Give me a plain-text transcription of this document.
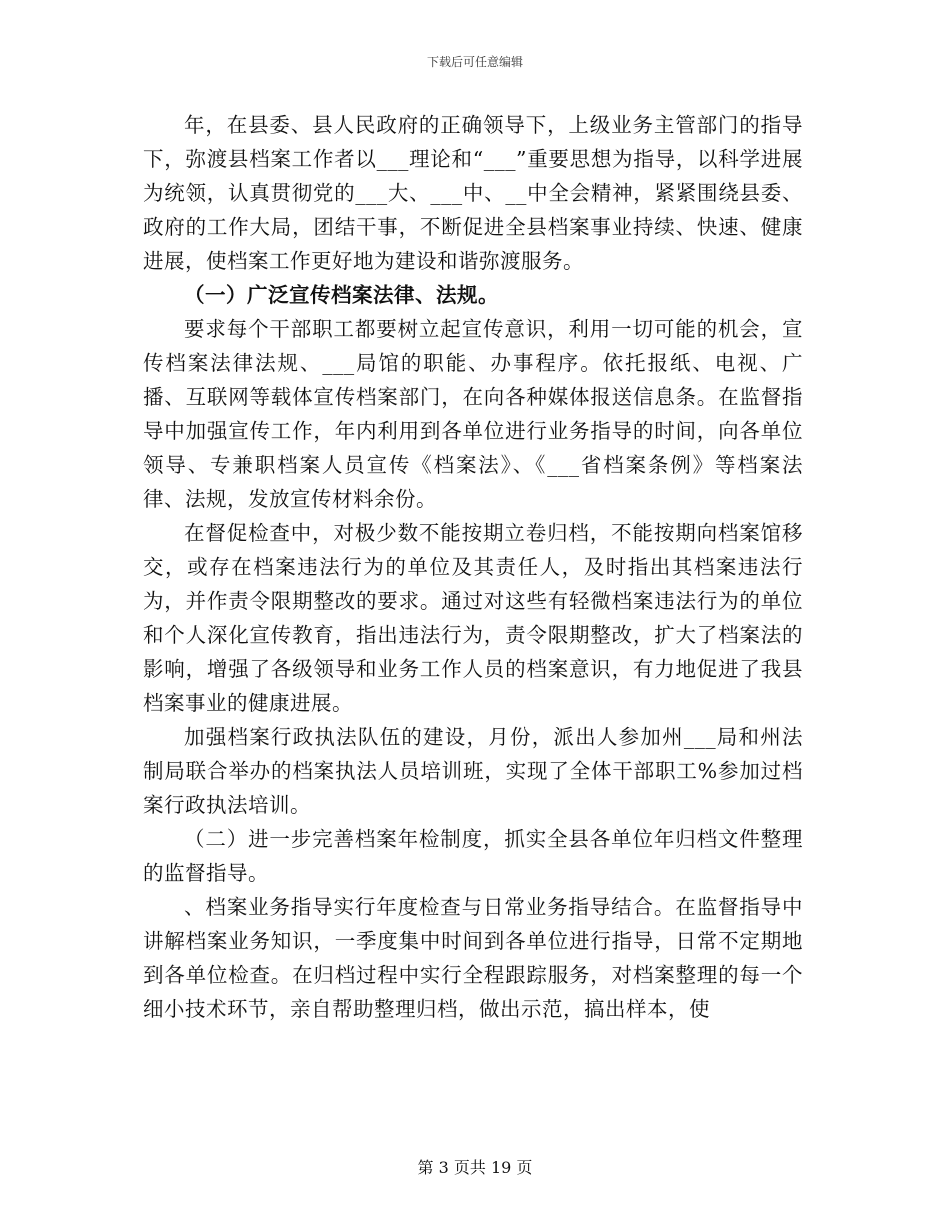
下载后可任意编辑

年，在县委、县人民政府的正确领导下，上级业务主管部门的指导下，弥渡县档案工作者以___理论和“___”重要思想为指导，以科学进展为统领，认真贯彻党的___大、___中、__中全会精神，紧紧围绕县委、政府的工作大局，团结干事，不断促进全县档案事业持续、快速、健康进展，使档案工作更好地为建设和谐弥渡服务。

（一）广泛宣传档案法律、法规。

要求每个干部职工都要树立起宣传意识，利用一切可能的机会，宣传档案法律法规、___局馆的职能、办事程序。依托报纸、电视、广播、互联网等载体宣传档案部门，在向各种媒体报送信息条。在监督指导中加强宣传工作，年内利用到各单位进行业务指导的时间，向各单位领导、专兼职档案人员宣传《档案法》、《___省档案条例》等档案法律、法规，发放宣传材料余份。

在督促检查中，对极少数不能按期立卷归档，不能按期向档案馆移交，或存在档案违法行为的单位及其责任人，及时指出其档案违法行为，并作责令限期整改的要求。通过对这些有轻微档案违法行为的单位和个人深化宣传教育，指出违法行为，责令限期整改，扩大了档案法的影响，增强了各级领导和业务工作人员的档案意识，有力地促进了我县档案事业的健康进展。

加强档案行政执法队伍的建设，月份，派出人参加州___局和州法制局联合举办的档案执法人员培训班，实现了全体干部职工%参加过档案行政执法培训。

（二）进一步完善档案年检制度，抓实全县各单位年归档文件整理的监督指导。

、档案业务指导实行年度检查与日常业务指导结合。在监督指导中讲解档案业务知识，一季度集中时间到各单位进行指导，日常不定期地到各单位检查。在归档过程中实行全程跟踪服务，对档案整理的每一个细小技术环节，亲自帮助整理归档，做出示范，搞出样本，使

第 3 页共 19 页
